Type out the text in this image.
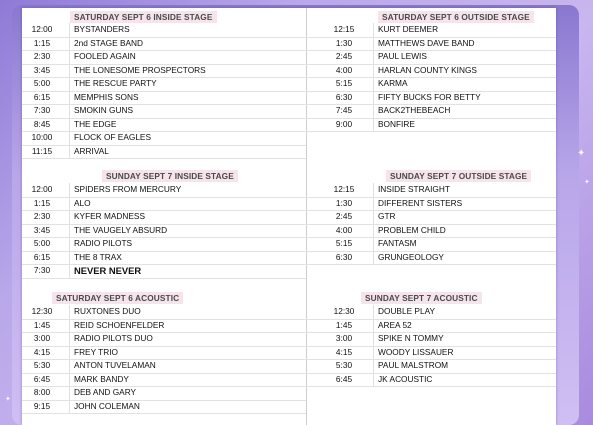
✦
✦
✦
SATURDAY SEPT 6 INSIDE STAGE
12:00	BYSTANDERS
1:15	2nd STAGE BAND
2:30	FOOLED AGAIN
3:45	THE LONESOME PROSPECTORS
5:00	THE RESCUE PARTY
6:15	MEMPHIS SONS
7:30	SMOKIN GUNS
8:45	THE EDGE
10:00	FLOCK OF EAGLES
11:15	ARRIVAL
SUNDAY SEPT 7 INSIDE STAGE
12:00	SPIDERS FROM MERCURY
1:15	ALO
2:30	KYFER MADNESS
3:45	THE VAUGELY ABSURD
5:00	RADIO PILOTS
6:15	THE 8 TRAX
7:30	NEVER NEVER
SATURDAY SEPT 6 ACOUSTIC
12:30	RUXTONES DUO
1:45	REID SCHOENFELDER
3:00	RADIO PILOTS DUO
4:15	FREY TRIO
5:30	ANTON TUVELAMAN
6:45	MARK BANDY
8:00	DEB AND GARY
9:15	JOHN COLEMAN
SATURDAY SEPT 6 OUTSIDE STAGE
12:15	KURT DEEMER
1:30	MATTHEWS DAVE BAND
2:45	PAUL LEWIS
4:00	HARLAN COUNTY KINGS
5:15	KARMA
6:30	FIFTY BUCKS FOR BETTY
7:45	BACK2THEBEACH
9:00	BONFIRE
SUNDAY SEPT 7 OUTSIDE STAGE
12:15	INSIDE STRAIGHT
1:30	DIFFERENT SISTERS
2:45	GTR
4:00	PROBLEM CHILD
5:15	FANTASM
6:30	GRUNGEOLOGY
SUNDAY SEPT 7 ACOUSTIC
12:30	DOUBLE PLAY
1:45	AREA 52
3:00	SPIKE N TOMMY
4:15	WOODY LISSAUER
5:30	PAUL MALSTROM
6:45	JK ACOUSTIC
